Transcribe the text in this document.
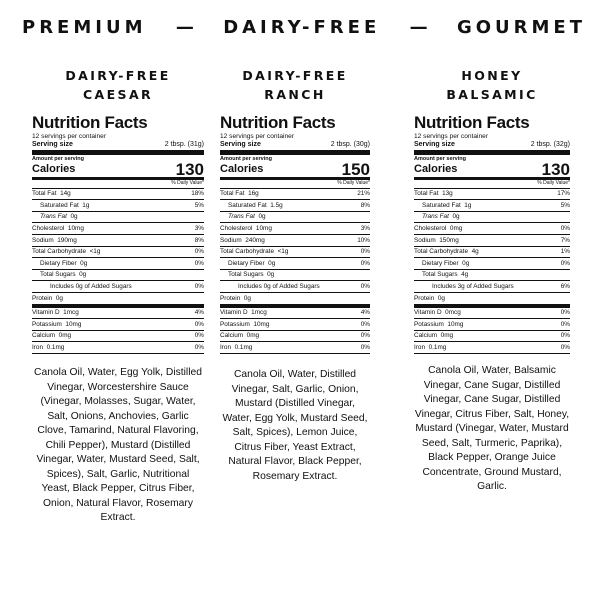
PREMIUM — DAIRY-FREE — GOURMET
DAIRY-FREE
CAESAR
Nutrition Facts
12 servings per container
Serving size	2 tbsp. (31g)
Amount per serving
Calories	130
% Daily Value*
Total Fat 14g	18%
Saturated Fat 1g	5%
Trans Fat 0g
Cholesterol 10mg	3%
Sodium 190mg	8%
Total Carbohydrate <1g	0%
Dietary Fiber 0g	0%
Total Sugars 0g
Includes 0g of Added Sugars	0%
Protein 0g
Vitamin D 1mcg	4%
Potassium 10mg	0%
Calcium 0mg	0%
Iron 0.1mg	0%
Canola Oil, Water, Egg Yolk, Distilled Vinegar, Worcestershire Sauce (Vinegar, Molasses, Sugar, Water, Salt, Onions, Anchovies, Garlic Clove, Tamarind, Natural Flavoring, Chili Pepper), Mustard (Distilled Vinegar, Water, Mustard Seed, Salt, Spices), Salt, Garlic, Nutritional Yeast, Black Pepper, Citrus Fiber, Onion, Natural Flavor, Rosemary Extract.
DAIRY-FREE
RANCH
Nutrition Facts
12 servings per container
Serving size	2 tbsp. (30g)
Amount per serving
Calories	150
% Daily Value*
Total Fat 16g	21%
Saturated Fat 1.5g	8%
Trans Fat 0g
Cholesterol 10mg	3%
Sodium 240mg	10%
Total Carbohydrate <1g	0%
Dietary Fiber 0g	0%
Total Sugars 0g
Includes 0g of Added Sugars	0%
Protein 0g
Vitamin D 1mcg	4%
Potassium 10mg	0%
Calcium 0mg	0%
Iron 0.1mg	0%
Canola Oil, Water, Distilled Vinegar, Salt, Garlic, Onion, Mustard (Distilled Vinegar, Water, Egg Yolk, Mustard Seed, Salt, Spices), Lemon Juice, Citrus Fiber, Yeast Extract, Natural Flavor, Black Pepper, Rosemary Extract.
HONEY
BALSAMIC
Nutrition Facts
12 servings per container
Serving size	2 tbsp. (32g)
Amount per serving
Calories	130
% Daily Value*
Total Fat 13g	17%
Saturated Fat 1g	5%
Trans Fat 0g
Cholesterol 0mg	0%
Sodium 150mg	7%
Total Carbohydrate 4g	1%
Dietary Fiber 0g	0%
Total Sugars 4g
Includes 3g of Added Sugars	6%
Protein 0g
Vitamin D 0mcg	0%
Potassium 10mg	0%
Calcium 0mg	0%
Iron 0.1mg	0%
Canola Oil, Water, Balsamic Vinegar, Cane Sugar, Distilled Vinegar, Cane Sugar, Distilled Vinegar, Citrus Fiber, Salt, Honey, Mustard (Vinegar, Water, Mustard Seed, Salt, Turmeric, Paprika), Black Pepper, Orange Juice Concentrate, Ground Mustard, Garlic.
